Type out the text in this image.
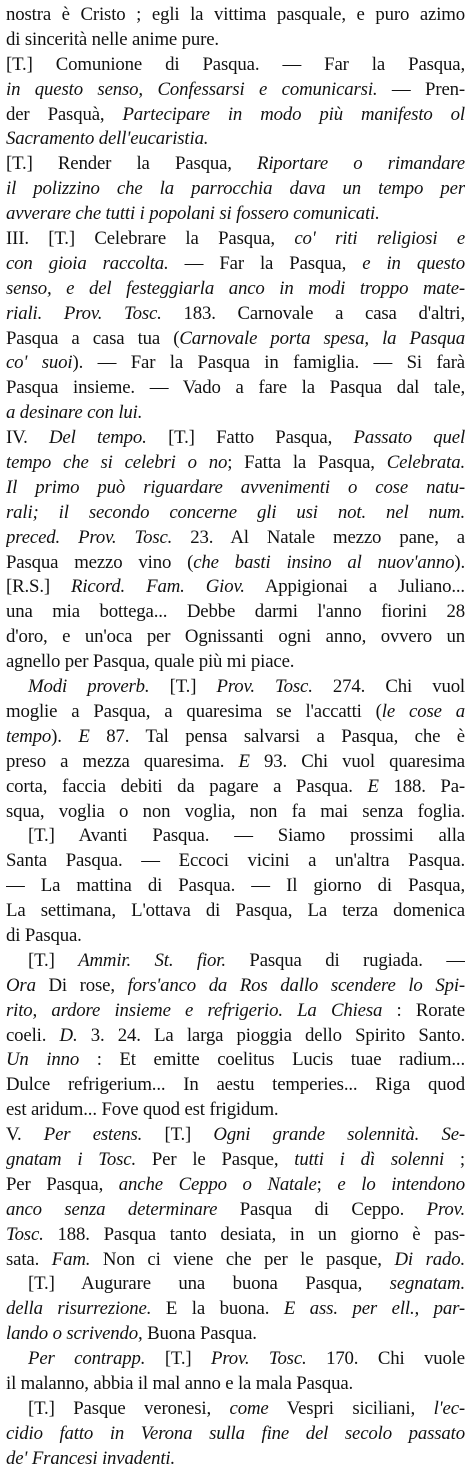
nostra è Cristo ; egli la vittima pasquale, e puro azimo
di sincerità nelle anime pure.
[T.] Comunione di Pasqua. — Far la Pasqua,
in questo senso, Confessarsi e comunicarsi. — Pren-
der Pasquà, Partecipare in modo più manifesto ol
Sacramento dell'eucaristia.
[T.] Render la Pasqua, Riportare o rimandare
il polizzino che la parrocchia dava un tempo per
avverare che tutti i popolani si fossero comunicati.
III. [T.] Celebrare la Pasqua, co' riti religiosi e
con gioia raccolta. — Far la Pasqua, e in questo
senso, e del festeggiarla anco in modi troppo mate-
riali. Prov. Tosc. 183. Carnovale a casa d'altri,
Pasqua a casa tua (Carnovale porta spesa, la Pasqua
co' suoi). — Far la Pasqua in famiglia. — Si farà
Pasqua insieme. — Vado a fare la Pasqua dal tale,
a desinare con lui.
IV. Del tempo. [T.] Fatto Pasqua, Passato quel
tempo che si celebri o no; Fatta la Pasqua, Celebrata.
Il primo può riguardare avvenimenti o cose natu-
rali; il secondo concerne gli usi not. nel num.
preced. Prov. Tosc. 23. Al Natale mezzo pane, a
Pasqua mezzo vino (che basti insino al nuov'anno).
[R.S.] Ricord. Fam. Giov. Appigionai a Juliano...
una mia bottega... Debbe darmi l'anno fiorini 28
d'oro, e un'oca per Ognissanti ogni anno, ovvero un
agnello per Pasqua, quale più mi piace.
Modi proverb. [T.] Prov. Tosc. 274. Chi vuol
moglie a Pasqua, a quaresima se l'accatti (le cose a
tempo). E 87. Tal pensa salvarsi a Pasqua, che è
preso a mezza quaresima. E 93. Chi vuol quaresima
corta, faccia debiti da pagare a Pasqua. E 188. Pa-
squa, voglia o non voglia, non fa mai senza foglia.
[T.] Avanti Pasqua. — Siamo prossimi alla
Santa Pasqua. — Eccoci vicini a un'altra Pasqua.
— La mattina di Pasqua. — Il giorno di Pasqua,
La settimana, L'ottava di Pasqua, La terza domenica
di Pasqua.
[T.] Ammir. St. fior. Pasqua di rugiada. —
Ora Di rose, fors'anco da Ros dallo scendere lo Spi-
rito, ardore insieme e refrigerio. La Chiesa : Rorate
coeli. D. 3. 24. La larga pioggia dello Spirito Santo.
Un inno : Et emitte coelitus Lucis tuae radium...
Dulce refrigerium... In aestu temperies... Riga quod
est aridum... Fove quod est frigidum.
V. Per estens. [T.] Ogni grande solennità. Se-
gnatam i Tosc. Per le Pasque, tutti i dì solenni ;
Per Pasqua, anche Ceppo o Natale; e lo intendono
anco senza determinare Pasqua di Ceppo. Prov.
Tosc. 188. Pasqua tanto desiata, in un giorno è pas-
sata. Fam. Non ci viene che per le pasque, Di rado.
[T.] Augurare una buona Pasqua, segnatam.
della risurrezione. E la buona. E ass. per ell., par-
lando o scrivendo, Buona Pasqua.
Per contrapp. [T.] Prov. Tosc. 170. Chi vuole
il malanno, abbia il mal anno e la mala Pasqua.
[T.] Pasque veronesi, come Vespri siciliani, l'ec-
cidio fatto in Verona sulla fine del secolo passato
de' Francesi invadenti.
